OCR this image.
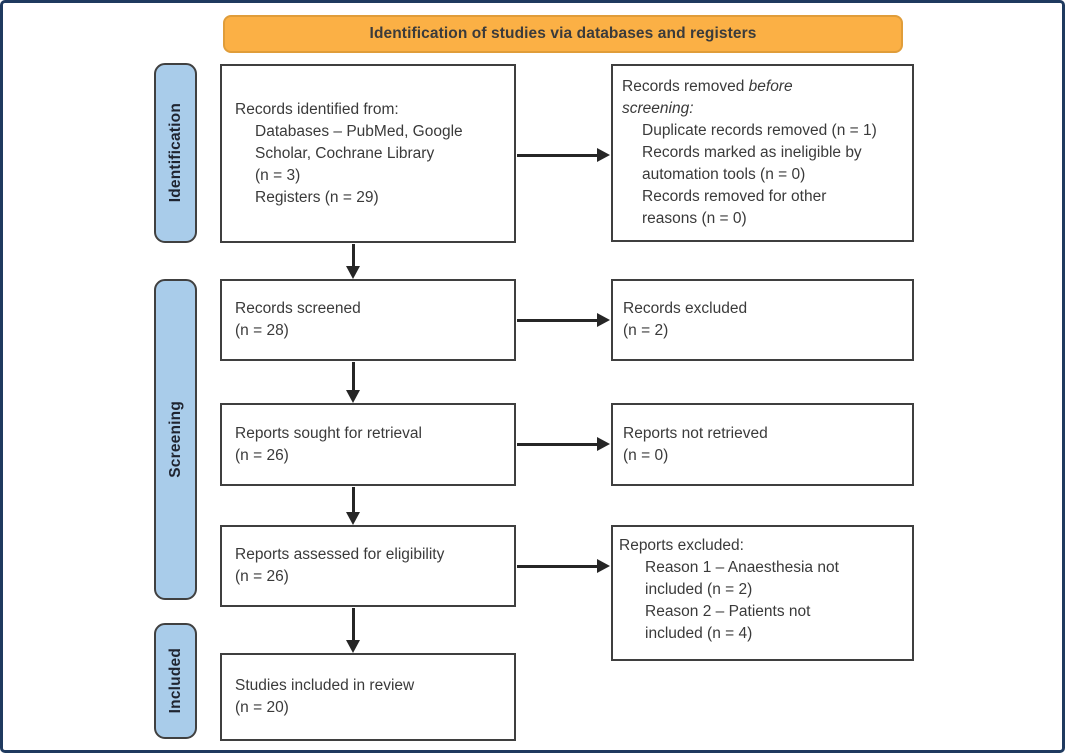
Identification of studies via databases and registers
Identification
Screening
Included
Records identified from:
Databases – PubMed, Google
Scholar, Cochrane Library
(n = 3)
Registers (n = 29)
Records removed before
screening:
Duplicate records removed (n = 1)
Records marked as ineligible by
automation tools (n = 0)
Records removed for other
reasons (n = 0)
Records screened
(n = 28)
Records excluded
(n = 2)
Reports sought for retrieval
(n = 26)
Reports not retrieved
(n = 0)
Reports assessed for eligibility
(n = 26)
Reports excluded:
Reason 1 – Anaesthesia not
included (n = 2)
Reason 2 – Patients not
included (n = 4)
Studies included in review
(n = 20)
